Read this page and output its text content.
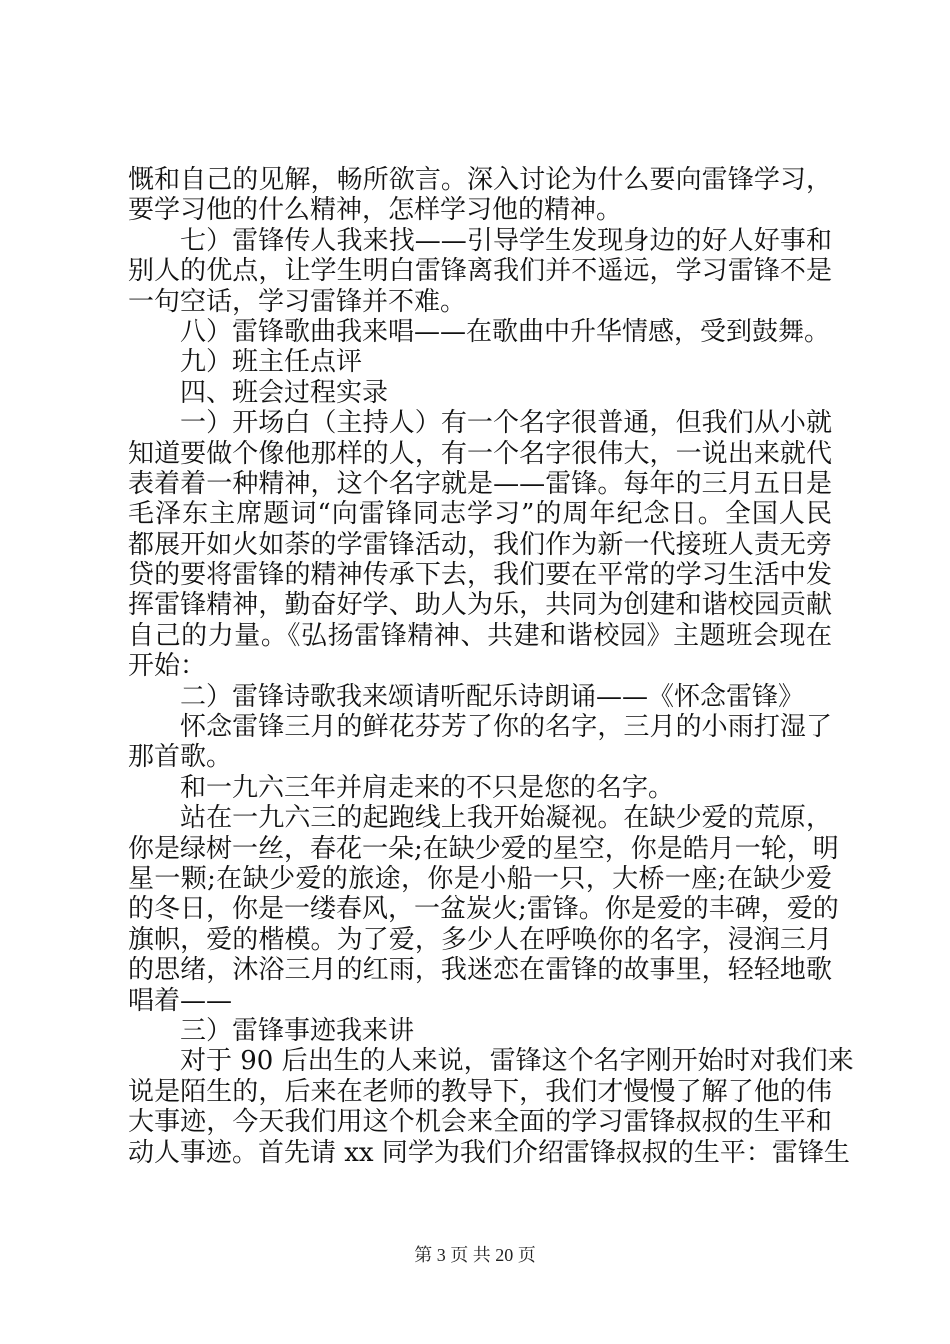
慨和自己的见解，畅所欲言。深入讨论为什么要向雷锋学习，
要学习他的什么精神，怎样学习他的精神。
七）雷锋传人我来找——引导学生发现身边的好人好事和
别人的优点，让学生明白雷锋离我们并不遥远，学习雷锋不是
一句空话，学习雷锋并不难。
八）雷锋歌曲我来唱——在歌曲中升华情感，受到鼓舞。
九）班主任点评
四、班会过程实录
一）开场白（主持人）有一个名字很普通，但我们从小就
知道要做个像他那样的人，有一个名字很伟大，一说出来就代
表着着一种精神，这个名字就是——雷锋。每年的三月五日是
毛泽东主席题词“向雷锋同志学习”的周年纪念日。全国人民
都展开如火如荼的学雷锋活动，我们作为新一代接班人责无旁
贷的要将雷锋的精神传承下去，我们要在平常的学习生活中发
挥雷锋精神，勤奋好学、助人为乐，共同为创建和谐校园贡献
自己的力量。《弘扬雷锋精神、共建和谐校园》主题班会现在
开始：
二）雷锋诗歌我来颂请听配乐诗朗诵——《怀念雷锋》
怀念雷锋三月的鲜花芬芳了你的名字，三月的小雨打湿了
那首歌。
和一九六三年并肩走来的不只是您的名字。
站在一九六三的起跑线上我开始凝视。在缺少爱的荒原，
你是绿树一丝，春花一朵;在缺少爱的星空，你是皓月一轮，明
星一颗;在缺少爱的旅途，你是小船一只，大桥一座;在缺少爱
的冬日，你是一缕春风，一盆炭火;雷锋。你是爱的丰碑，爱的
旗帜，爱的楷模。为了爱，多少人在呼唤你的名字，浸润三月
的思绪，沐浴三月的红雨，我迷恋在雷锋的故事里，轻轻地歌
唱着——
三）雷锋事迹我来讲
对于 90 后出生的人来说，雷锋这个名字刚开始时对我们来
说是陌生的，后来在老师的教导下，我们才慢慢了解了他的伟
大事迹，今天我们用这个机会来全面的学习雷锋叔叔的生平和
动人事迹。首先请 xx 同学为我们介绍雷锋叔叔的生平：雷锋生
第 3 页 共 20 页
